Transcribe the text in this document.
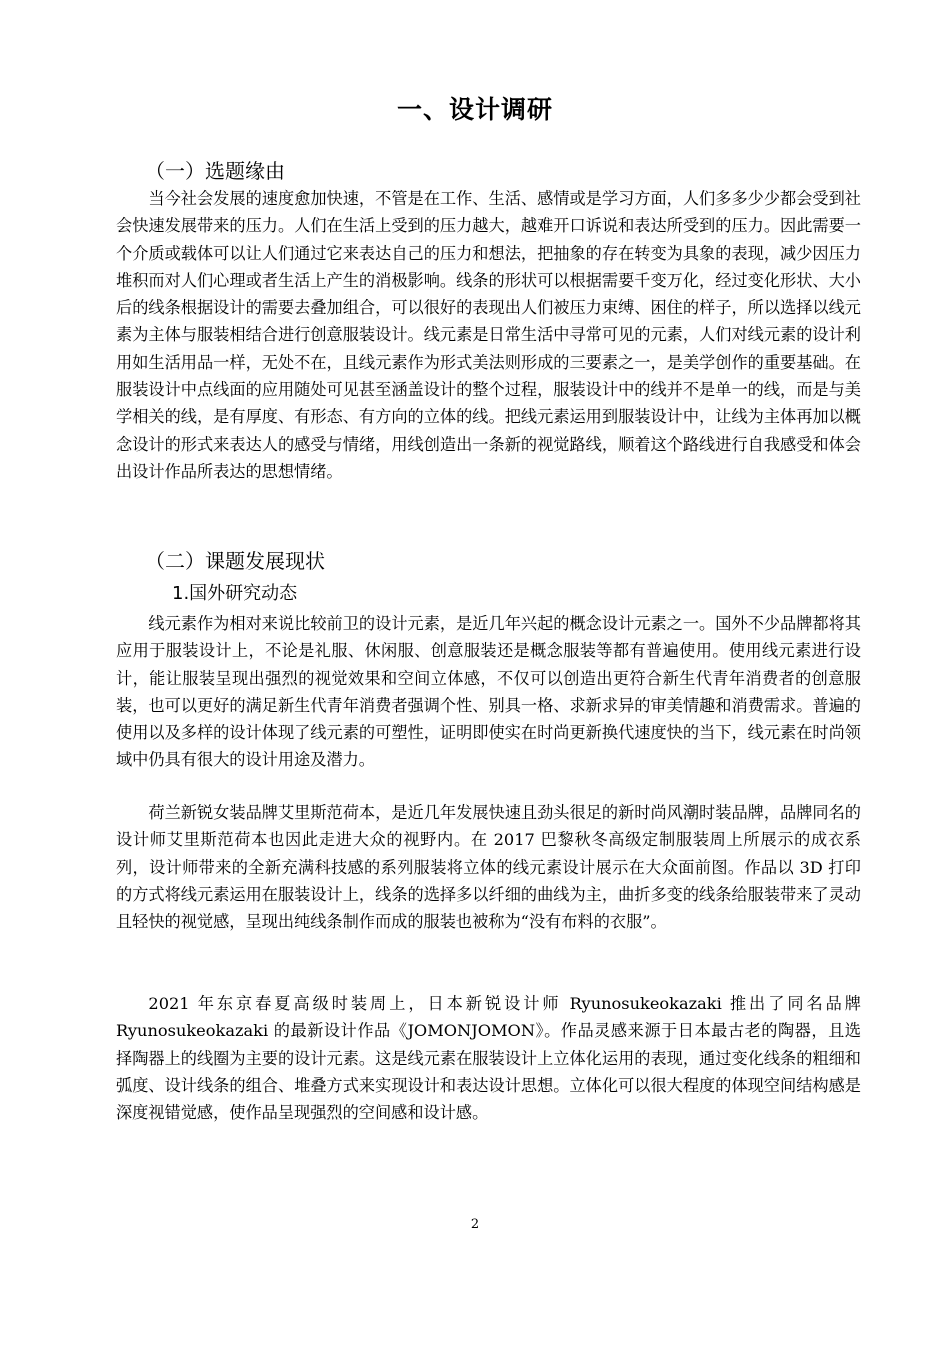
一、设计调研
（一）选题缘由

当今社会发展的速度愈加快速，不管是在工作、生活、感情或是学习方面，人们多多少少都会受到社会快速发展带来的压力。人们在生活上受到的压力越大，越难开口诉说和表达所受到的压力。因此需要一个介质或载体可以让人们通过它来表达自己的压力和想法，把抽象的存在转变为具象的表现，减少因压力堆积而对人们心理或者生活上产生的消极影响。线条的形状可以根据需要千变万化，经过变化形状、大小后的线条根据设计的需要去叠加组合，可以很好的表现出人们被压力束缚、困住的样子，所以选择以线元素为主体与服装相结合进行创意服装设计。线元素是日常生活中寻常可见的元素，人们对线元素的设计利用如生活用品一样，无处不在，且线元素作为形式美法则形成的三要素之一，是美学创作的重要基础。在服装设计中点线面的应用随处可见甚至涵盖设计的整个过程，服装设计中的线并不是单一的线，而是与美学相关的线，是有厚度、有形态、有方向的立体的线。把线元素运用到服装设计中，让线为主体再加以概念设计的形式来表达人的感受与情绪，用线创造出一条新的视觉路线，顺着这个路线进行自我感受和体会出设计作品所表达的思想情绪。

（二）课题发展现状
1.国外研究动态

线元素作为相对来说比较前卫的设计元素，是近几年兴起的概念设计元素之一。国外不少品牌都将其应用于服装设计上，不论是礼服、休闲服、创意服装还是概念服装等都有普遍使用。使用线元素进行设计，能让服装呈现出强烈的视觉效果和空间立体感，不仅可以创造出更符合新生代青年消费者的创意服装，也可以更好的满足新生代青年消费者强调个性、别具一格、求新求异的审美情趣和消费需求。普遍的使用以及多样的设计体现了线元素的可塑性，证明即使实在时尚更新换代速度快的当下，线元素在时尚领域中仍具有很大的设计用途及潜力。

荷兰新锐女装品牌艾里斯范荷本，是近几年发展快速且劲头很足的新时尚风潮时装品牌，品牌同名的设计师艾里斯范荷本也因此走进大众的视野内。在 2017 巴黎秋冬高级定制服装周上所展示的成衣系列，设计师带来的全新充满科技感的系列服装将立体的线元素设计展示在大众面前图。作品以 3D 打印的方式将线元素运用在服装设计上，线条的选择多以纤细的曲线为主，曲折多变的线条给服装带来了灵动且轻快的视觉感，呈现出纯线条制作而成的服装也被称为“没有布料的衣服”。

2021 年东京春夏高级时装周上，日本新锐设计师 Ryunosukeokazaki 推出了同名品牌 Ryunosukeokazaki 的最新设计作品《JOMONJOMON》。作品灵感来源于日本最古老的陶器，且选择陶器上的线圈为主要的设计元素。这是线元素在服装设计上立体化运用的表现，通过变化线条的粗细和弧度、设计线条的组合、堆叠方式来实现设计和表达设计思想。立体化可以很大程度的体现空间结构感是深度视错觉感，使作品呈现强烈的空间感和设计感。

2
